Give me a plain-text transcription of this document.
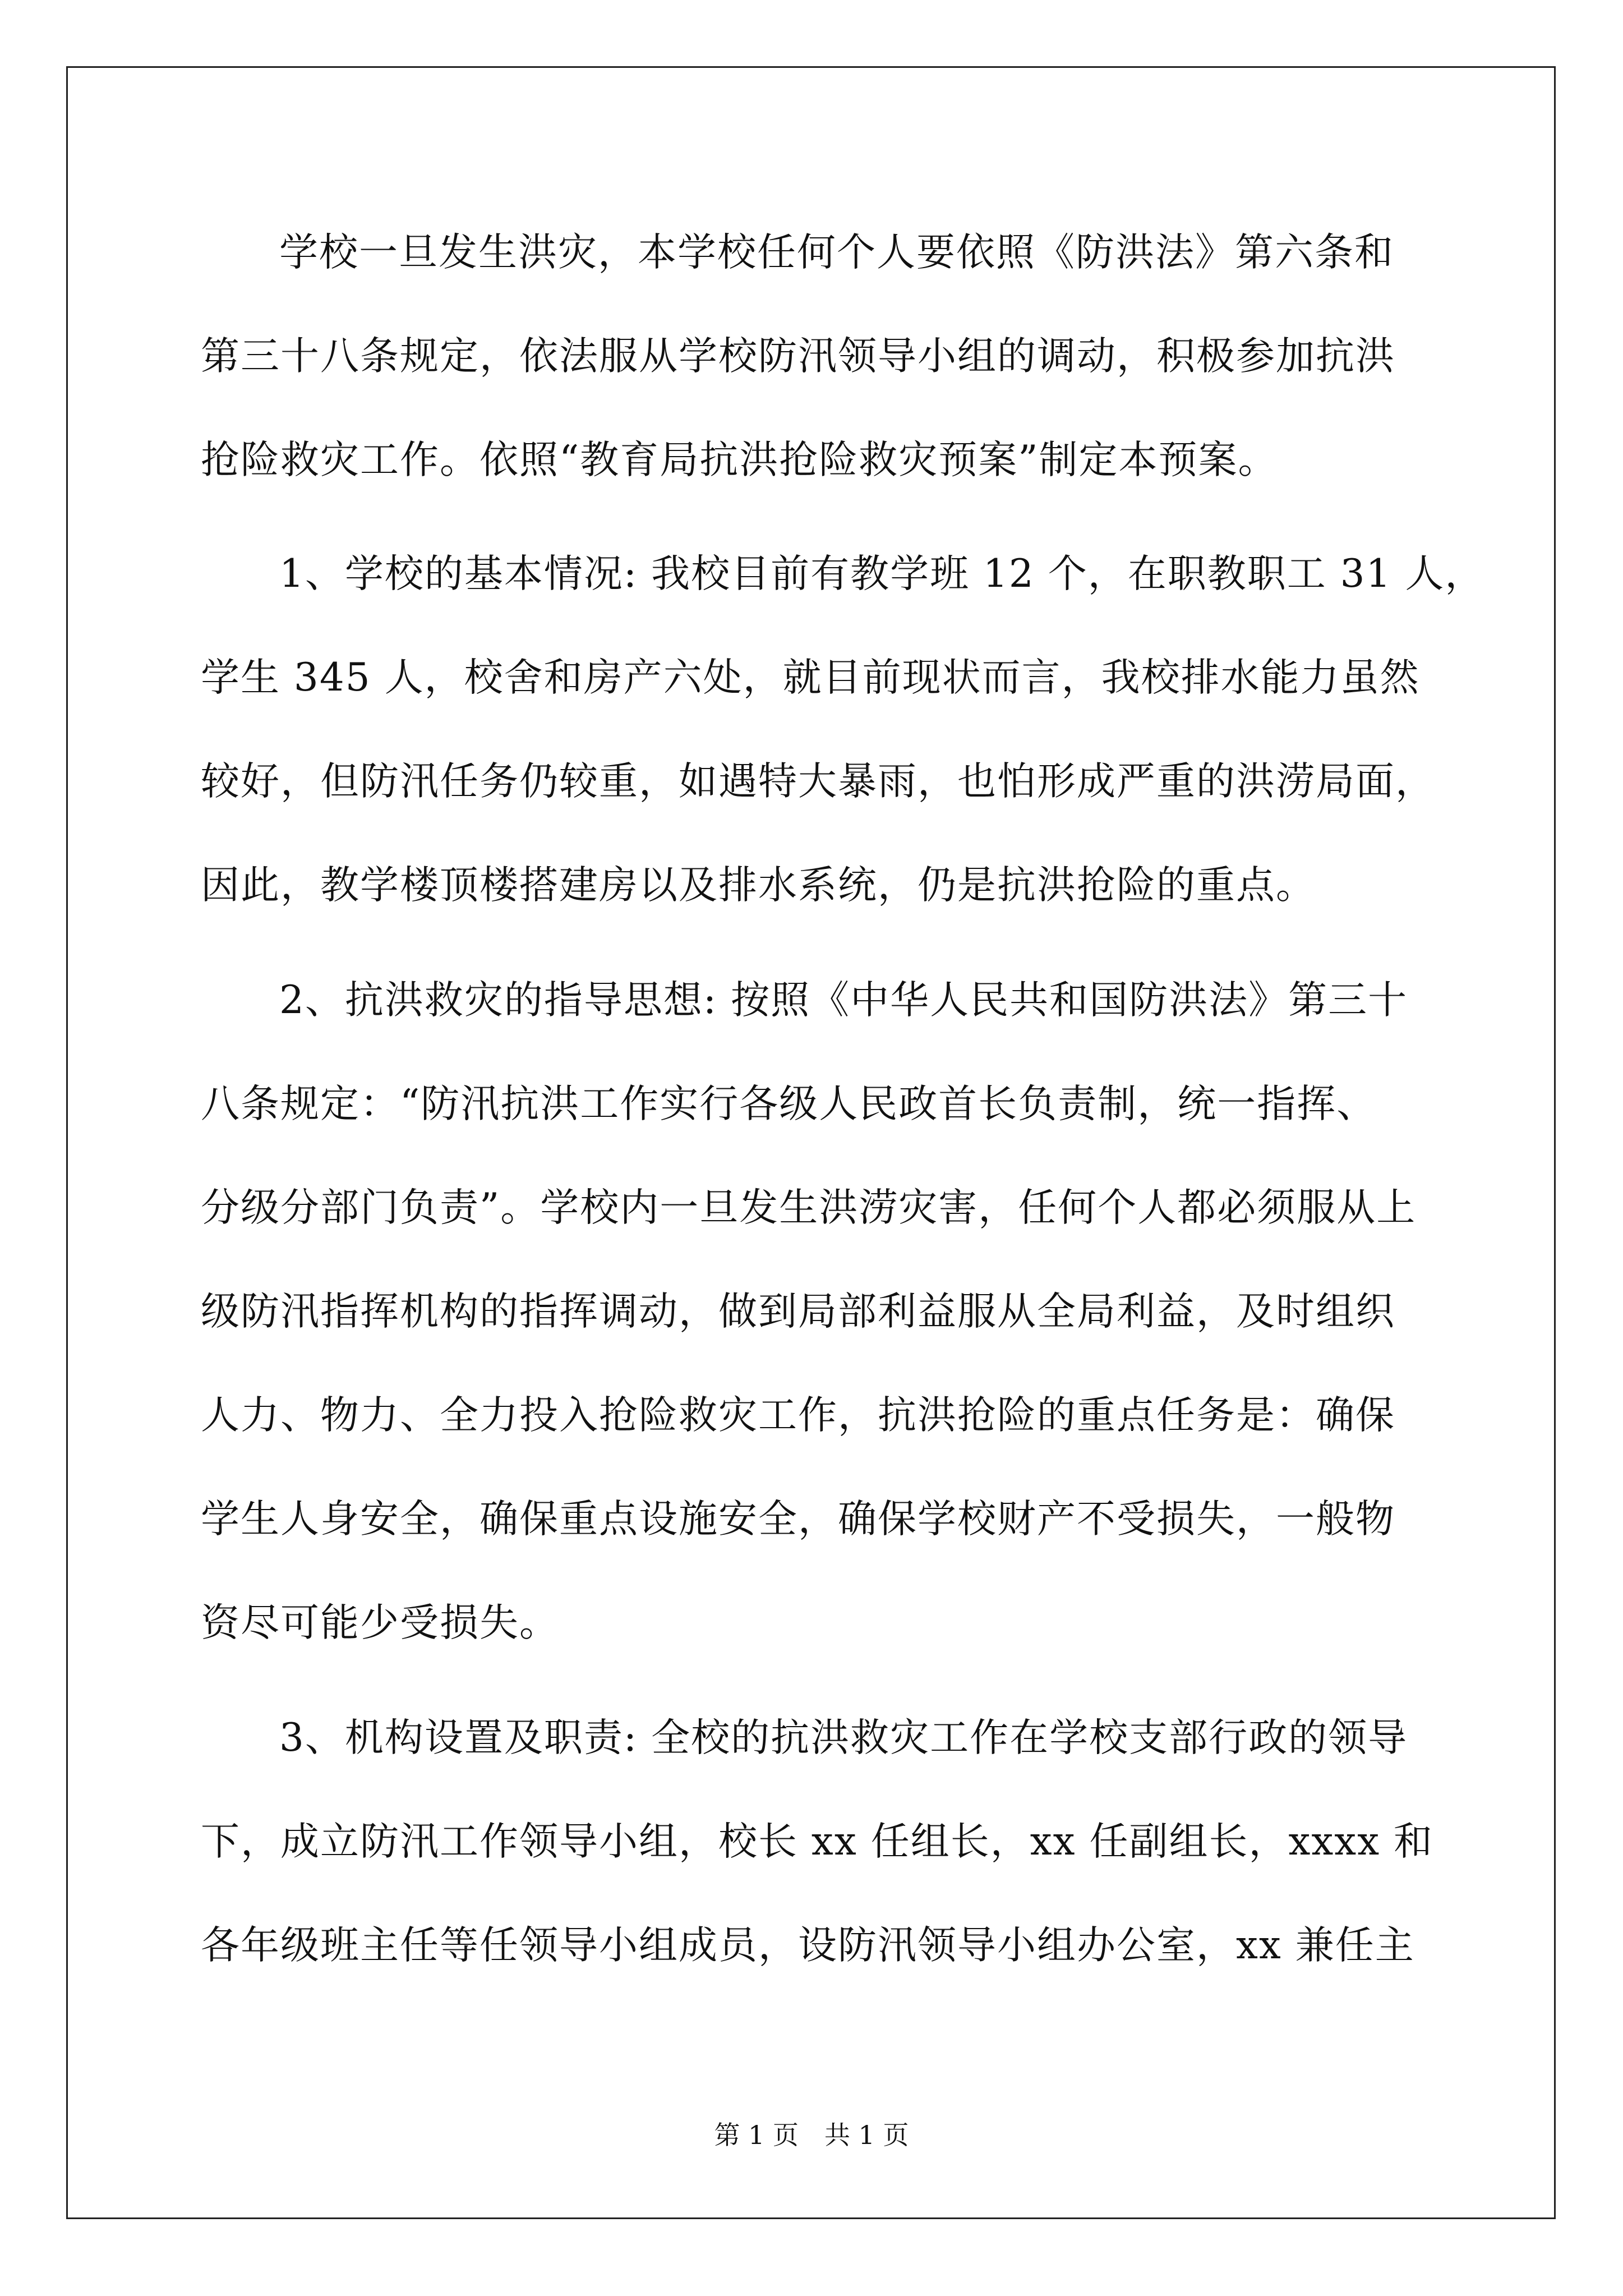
学校一旦发生洪灾，本学校任何个人要依照《防洪法》第六条和
第三十八条规定，依法服从学校防汛领导小组的调动，积极参加抗洪
抢险救灾工作。依照“教育局抗洪抢险救灾预案”制定本预案。
1、学校的基本情况: 我校目前有教学班 12 个，在职教职工 31 人，
学生 345 人，校舍和房产六处，就目前现状而言，我校排水能力虽然
较好，但防汛任务仍较重，如遇特大暴雨，也怕形成严重的洪涝局面，
因此，教学楼顶楼搭建房以及排水系统，仍是抗洪抢险的重点。
2、抗洪救灾的指导思想: 按照《中华人民共和国防洪法》第三十
八条规定：“防汛抗洪工作实行各级人民政首长负责制，统一指挥、
分级分部门负责”。学校内一旦发生洪涝灾害，任何个人都必须服从上
级防汛指挥机构的指挥调动，做到局部利益服从全局利益，及时组织
人力、物力、全力投入抢险救灾工作，抗洪抢险的重点任务是：确保
学生人身安全，确保重点设施安全，确保学校财产不受损失，一般物
资尽可能少受损失。
3、机构设置及职责: 全校的抗洪救灾工作在学校支部行政的领导
下，成立防汛工作领导小组，校长 xx 任组长，xx 任副组长，xxxx 和
各年级班主任等任领导小组成员，设防汛领导小组办公室，xx 兼任主
第 1 页　共 1 页
